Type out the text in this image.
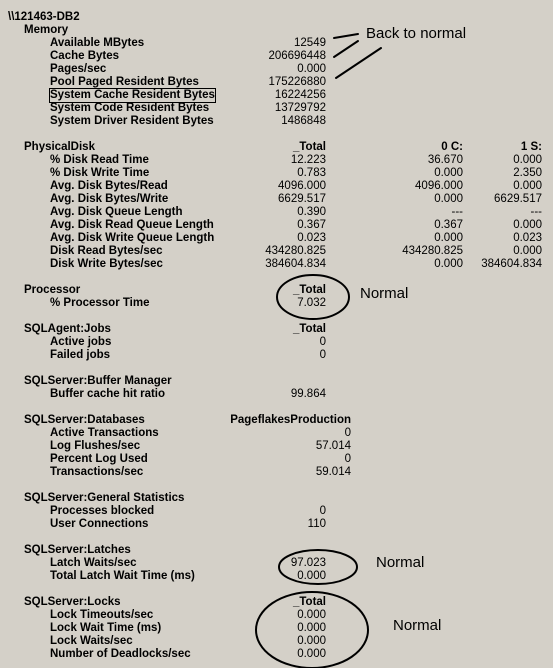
\\121463-DB2
Memory
Available MBytes	12549
Cache Bytes	206696448
Pages/sec	0.000
Pool Paged Resident Bytes	175226880
System Cache Resident Bytes	16224256
System Code Resident Bytes	13729792
System Driver Resident Bytes	1486848
PhysicalDisk	_Total	0 C:	1 S:
% Disk Read Time	12.223	36.670	0.000
% Disk Write Time	0.783	0.000	2.350
Avg. Disk Bytes/Read	4096.000	4096.000	0.000
Avg. Disk Bytes/Write	6629.517	0.000	6629.517
Avg. Disk Queue Length	0.390	---	---
Avg. Disk Read Queue Length	0.367	0.367	0.000
Avg. Disk Write Queue Length	0.023	0.000	0.023
Disk Read Bytes/sec	434280.825	434280.825	0.000
Disk Write Bytes/sec	384604.834	0.000 384604.834
Processor	_Total
% Processor Time	7.032
SQLAgent:Jobs	_Total
Active jobs	0
Failed jobs	0
SQLServer:Buffer Manager
Buffer cache hit ratio	99.864
SQLServer:Databases	PageflakesProduction
Active Transactions	0
Log Flushes/sec	57.014
Percent Log Used	0
Transactions/sec	59.014
SQLServer:General Statistics
Processes blocked	0
User Connections	110
SQLServer:Latches
Latch Waits/sec	97.023
Total Latch Wait Time (ms)	0.000
SQLServer:Locks	_Total
Lock Timeouts/sec	0.000
Lock Wait Time (ms)	0.000
Lock Waits/sec	0.000
Number of Deadlocks/sec	0.000
Back to normal
Normal
Normal
Normal
